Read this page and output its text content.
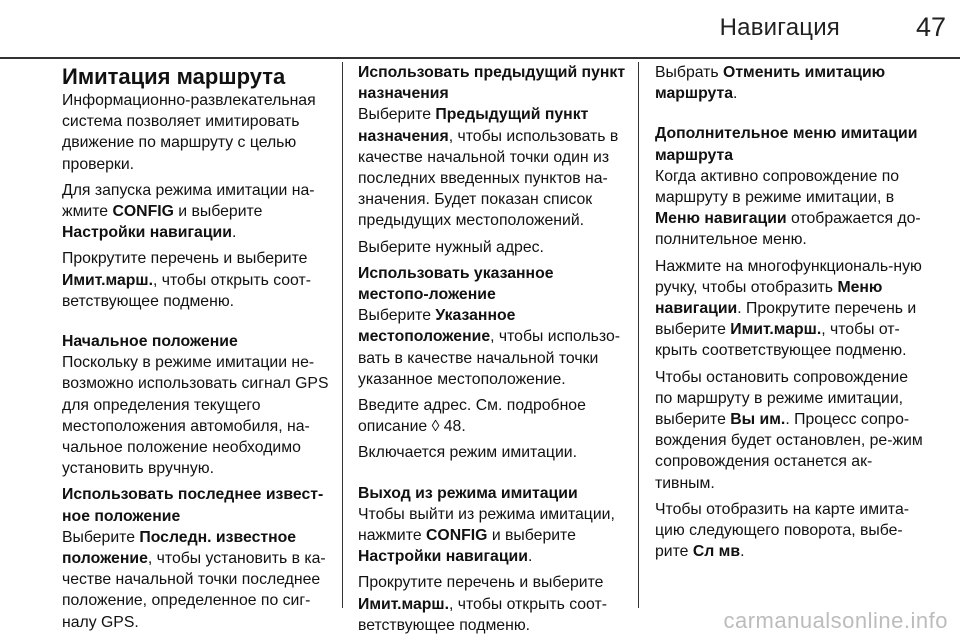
Навигация	47
Имитация маршрута

Информационно-развлекательная система позволяет имитировать движение по маршруту с целью проверки.

Для запуска режима имитации на-жмите CONFIG и выберите Настройки навигации.

Прокрутите перечень и выберите Имит.марш., чтобы открыть соот-ветствующее подменю.

Начальное положение

Поскольку в режиме имитации не-возможно использовать сигнал GPS для определения текущего местоположения автомобиля, на-чальное положение необходимо установить вручную.

Использовать последнее извест-ное положение

Выберите Последн. известное положение, чтобы установить в ка-честве начальной точки последнее положение, определенное по сиг-налу GPS.

Использовать предыдущий пункт назначения

Выберите Предыдущий пункт назначения, чтобы использовать в качестве начальной точки один из последних введенных пунктов на-значения. Будет показан список предыдущих местоположений.

Выберите нужный адрес.

Использовать указанное местопо-ложение

Выберите Указанное местоположение, чтобы использо-вать в качестве начальной точки указанное местоположение.

Введите адрес. См. подробное описание ◊ 48.

Включается режим имитации.

Выход из режима имитации

Чтобы выйти из режима имитации, нажмите CONFIG и выберите Настройки навигации.

Прокрутите перечень и выберите Имит.марш., чтобы открыть соот-ветствующее подменю.

Выбрать Отменить имитацию маршрута.

Дополнительное меню имитации маршрута

Когда активно сопровождение по маршруту в режиме имитации, в Меню навигации отображается до-полнительное меню.

Нажмите на многофункциональ-ную ручку, чтобы отобразить Меню навигации. Прокрутите перечень и выберите Имит.марш., чтобы от-крыть соответствующее подменю.

Чтобы остановить сопровождение по маршруту в режиме имитации, выберите Вы им.. Процесс сопро-вождения будет остановлен, ре-жим сопровождения останется ак-тивным.

Чтобы отобразить на карте имита-цию следующего поворота, выбе-рите Сл мв.

carmanualsonline.info
